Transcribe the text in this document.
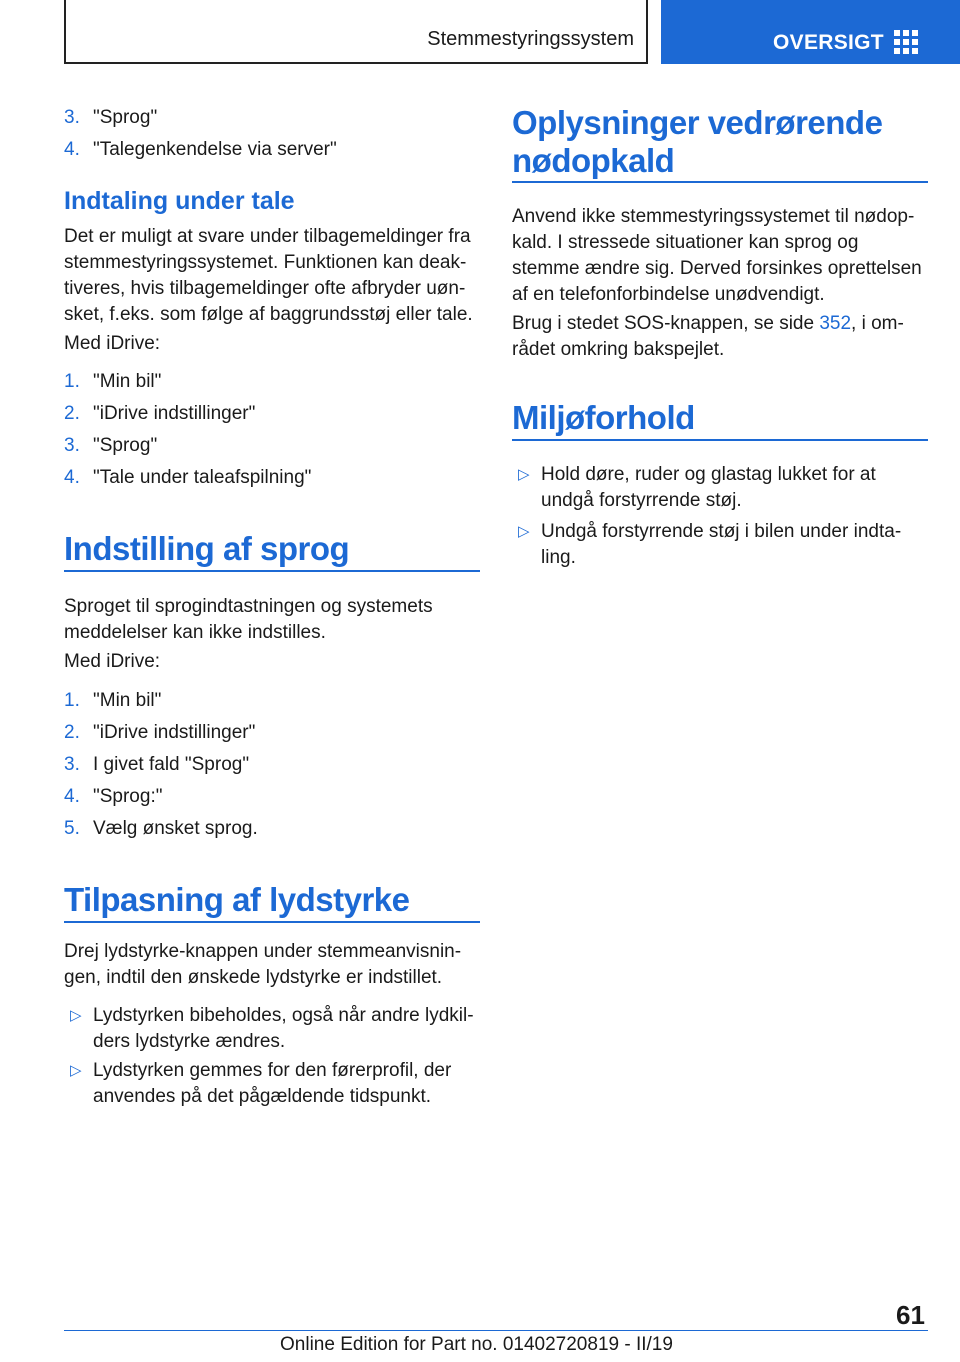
Stemmestyringssystem	OVERSIGT
3. "Sprog"
4. "Talegenkendelse via server"
Indtaling under tale
Det er muligt at svare under tilbagemeldinger fra stemmestyringssystemet. Funktionen kan deaktiveres, hvis tilbagemeldinger ofte afbryder uønsket, f.eks. som følge af baggrundsstøj eller tale.
Med iDrive:
1. "Min bil"
2. "iDrive indstillinger"
3. "Sprog"
4. "Tale under taleafspilning"
Indstilling af sprog
Sproget til sprogindtastningen og systemets meddelelser kan ikke indstilles.
Med iDrive:
1. "Min bil"
2. "iDrive indstillinger"
3. I givet fald "Sprog"
4. "Sprog:"
5. Vælg ønsket sprog.
Tilpasning af lydstyrke
Drej lydstyrke-knappen under stemmeanvisningen, indtil den ønskede lydstyrke er indstillet.
▷ Lydstyrken bibeholdes, også når andre lydkilders lydstyrke ændres.
▷ Lydstyrken gemmes for den førerprofil, der anvendes på det pågældende tidspunkt.
Oplysninger vedrørende nødopkald
Anvend ikke stemmestyringssystemet til nødopkald. I stressede situationer kan sprog og stemme ændre sig. Derved forsinkes oprettelsen af en telefonforbindelse unødvendigt.
Brug i stedet SOS-knappen, se side 352, i området omkring bakspejlet.
Miljøforhold
▷ Hold døre, ruder og glastag lukket for at undgå forstyrrende støj.
▷ Undgå forstyrrende støj i bilen under indtaling.
61
Online Edition for Part no. 01402720819 - II/19
